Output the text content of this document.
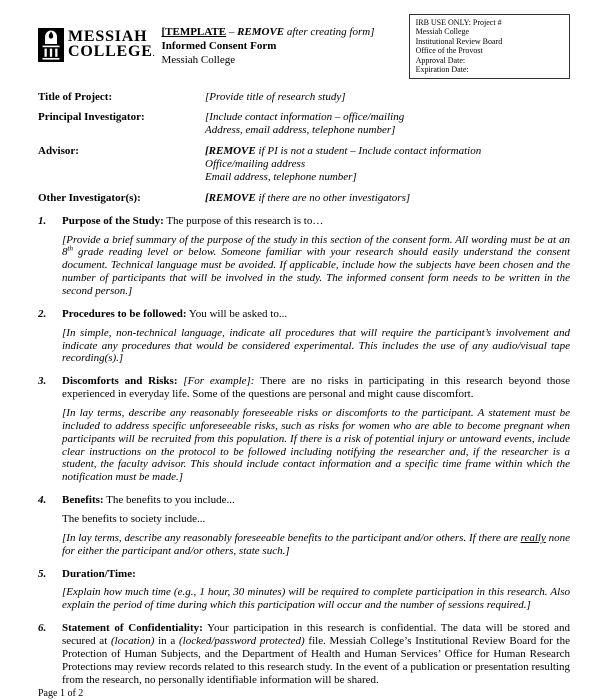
MESSIAH
COLLEGE.
[TEMPLATE – REMOVE after creating form]
Informed Consent Form
Messiah College
IRB USE ONLY: Project #
Messiah College
Institutional Review Board
Office of the Provost
Approval Date:
Expiration Date:
Title of Project:	[Provide title of research study]
Principal Investigator:	[Include contact information – office/mailing
Address, email address, telephone number]
Advisor:	[REMOVE if PI is not a student – Include contact information
Office/mailing address
Email address, telephone number]
Other Investigator(s):	[REMOVE if there are no other investigators]
1.	Purpose of the Study: The purpose of this research is to…
[Provide a brief summary of the purpose of the study in this section of the consent form. All wording must be at an 8th grade reading level or below. Someone familiar with your research should easily understand the consent document. Technical language must be avoided. If applicable, include how the subjects have been chosen and the number of participants that will be involved in the study. The informed consent form needs to be written in the second person.]
2.	Procedures to be followed: You will be asked to...
[In simple, non-technical language, indicate all procedures that will require the participant’s involvement and indicate any procedures that would be considered experimental. This includes the use of any audio/visual tape recording(s).]
3.	Discomforts and Risks: [For example]: There are no risks in participating in this research beyond those experienced in everyday life. Some of the questions are personal and might cause discomfort.
[In lay terms, describe any reasonably foreseeable risks or discomforts to the participant. A statement must be included to address specific unforeseeable risks, such as risks for women who are able to become pregnant when participants will be recruited from this population. If there is a risk of potential injury or untoward events, include clear instructions on the protocol to be followed including notifying the researcher and, if the researcher is a student, the faculty advisor. This should include contact information and a specific time frame within which the notification must be made.]
4.	Benefits: The benefits to you include...
The benefits to society include...
[In lay terms, describe any reasonably foreseeable benefits to the participant and/or others. If there are really none for either the participant and/or others, state such.]
5.	Duration/Time:
[Explain how much time (e.g., 1 hour, 30 minutes) will be required to complete participation in this research. Also explain the period of time during which this participation will occur and the number of sessions required.]
6.	Statement of Confidentiality: Your participation in this research is confidential. The data will be stored and secured at (location) in a (locked/password protected) file. Messiah College’s Institutional Review Board for the Protection of Human Subjects, and the Department of Health and Human Services’ Office for Human Research Protections may review records related to this research study. In the event of a publication or presentation resulting from the research, no personally identifiable information will be shared.
Page 1 of 2
